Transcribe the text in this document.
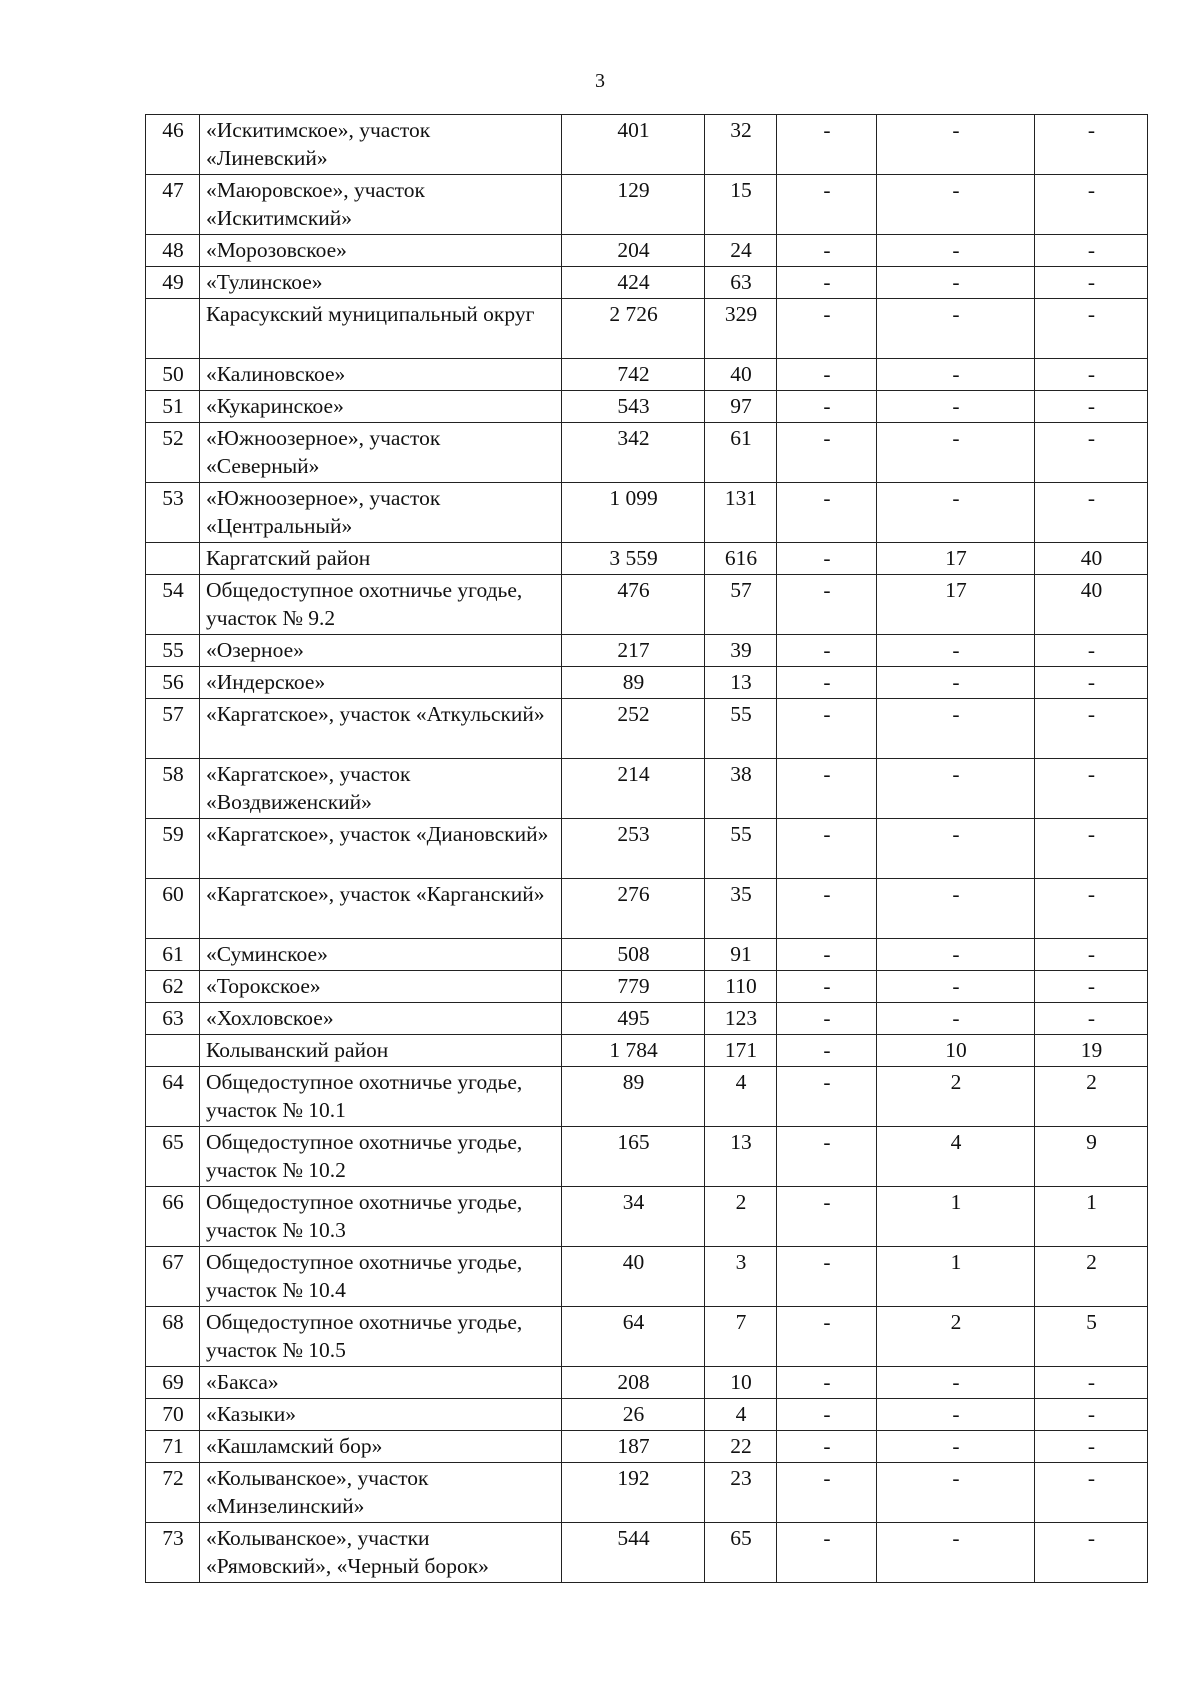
3
46	«Искитимское», участок «Линевский»	401	32	-	-	-
47	«Маюровское», участок «Искитимский»	129	15	-	-	-
48	«Морозовское»	204	24	-	-	-
49	«Тулинское»	424	63	-	-	-
	Карасукский муниципальный округ	2 726	329	-	-	-
50	«Калиновское»	742	40	-	-	-
51	«Кукаринское»	543	97	-	-	-
52	«Южноозерное», участок «Северный»	342	61	-	-	-
53	«Южноозерное», участок «Центральный»	1 099	131	-	-	-
	Каргатский район	3 559	616	-	17	40
54	Общедоступное охотничье угодье, участок № 9.2	476	57	-	17	40
55	«Озерное»	217	39	-	-	-
56	«Индерское»	89	13	-	-	-
57	«Каргатское», участок «Аткульский»	252	55	-	-	-
58	«Каргатское», участок «Воздвиженский»	214	38	-	-	-
59	«Каргатское», участок «Диановский»	253	55	-	-	-
60	«Каргатское», участок «Карганский»	276	35	-	-	-
61	«Суминское»	508	91	-	-	-
62	«Торокское»	779	110	-	-	-
63	«Хохловское»	495	123	-	-	-
	Колыванский район	1 784	171	-	10	19
64	Общедоступное охотничье угодье, участок № 10.1	89	4	-	2	2
65	Общедоступное охотничье угодье, участок № 10.2	165	13	-	4	9
66	Общедоступное охотничье угодье, участок № 10.3	34	2	-	1	1
67	Общедоступное охотничье угодье, участок № 10.4	40	3	-	1	2
68	Общедоступное охотничье угодье, участок № 10.5	64	7	-	2	5
69	«Бакса»	208	10	-	-	-
70	«Казыки»	26	4	-	-	-
71	«Кашламский бор»	187	22	-	-	-
72	«Колыванское», участок «Минзелинский»	192	23	-	-	-
73	«Колыванское», участки «Рямовский», «Черный борок»	544	65	-	-	-
